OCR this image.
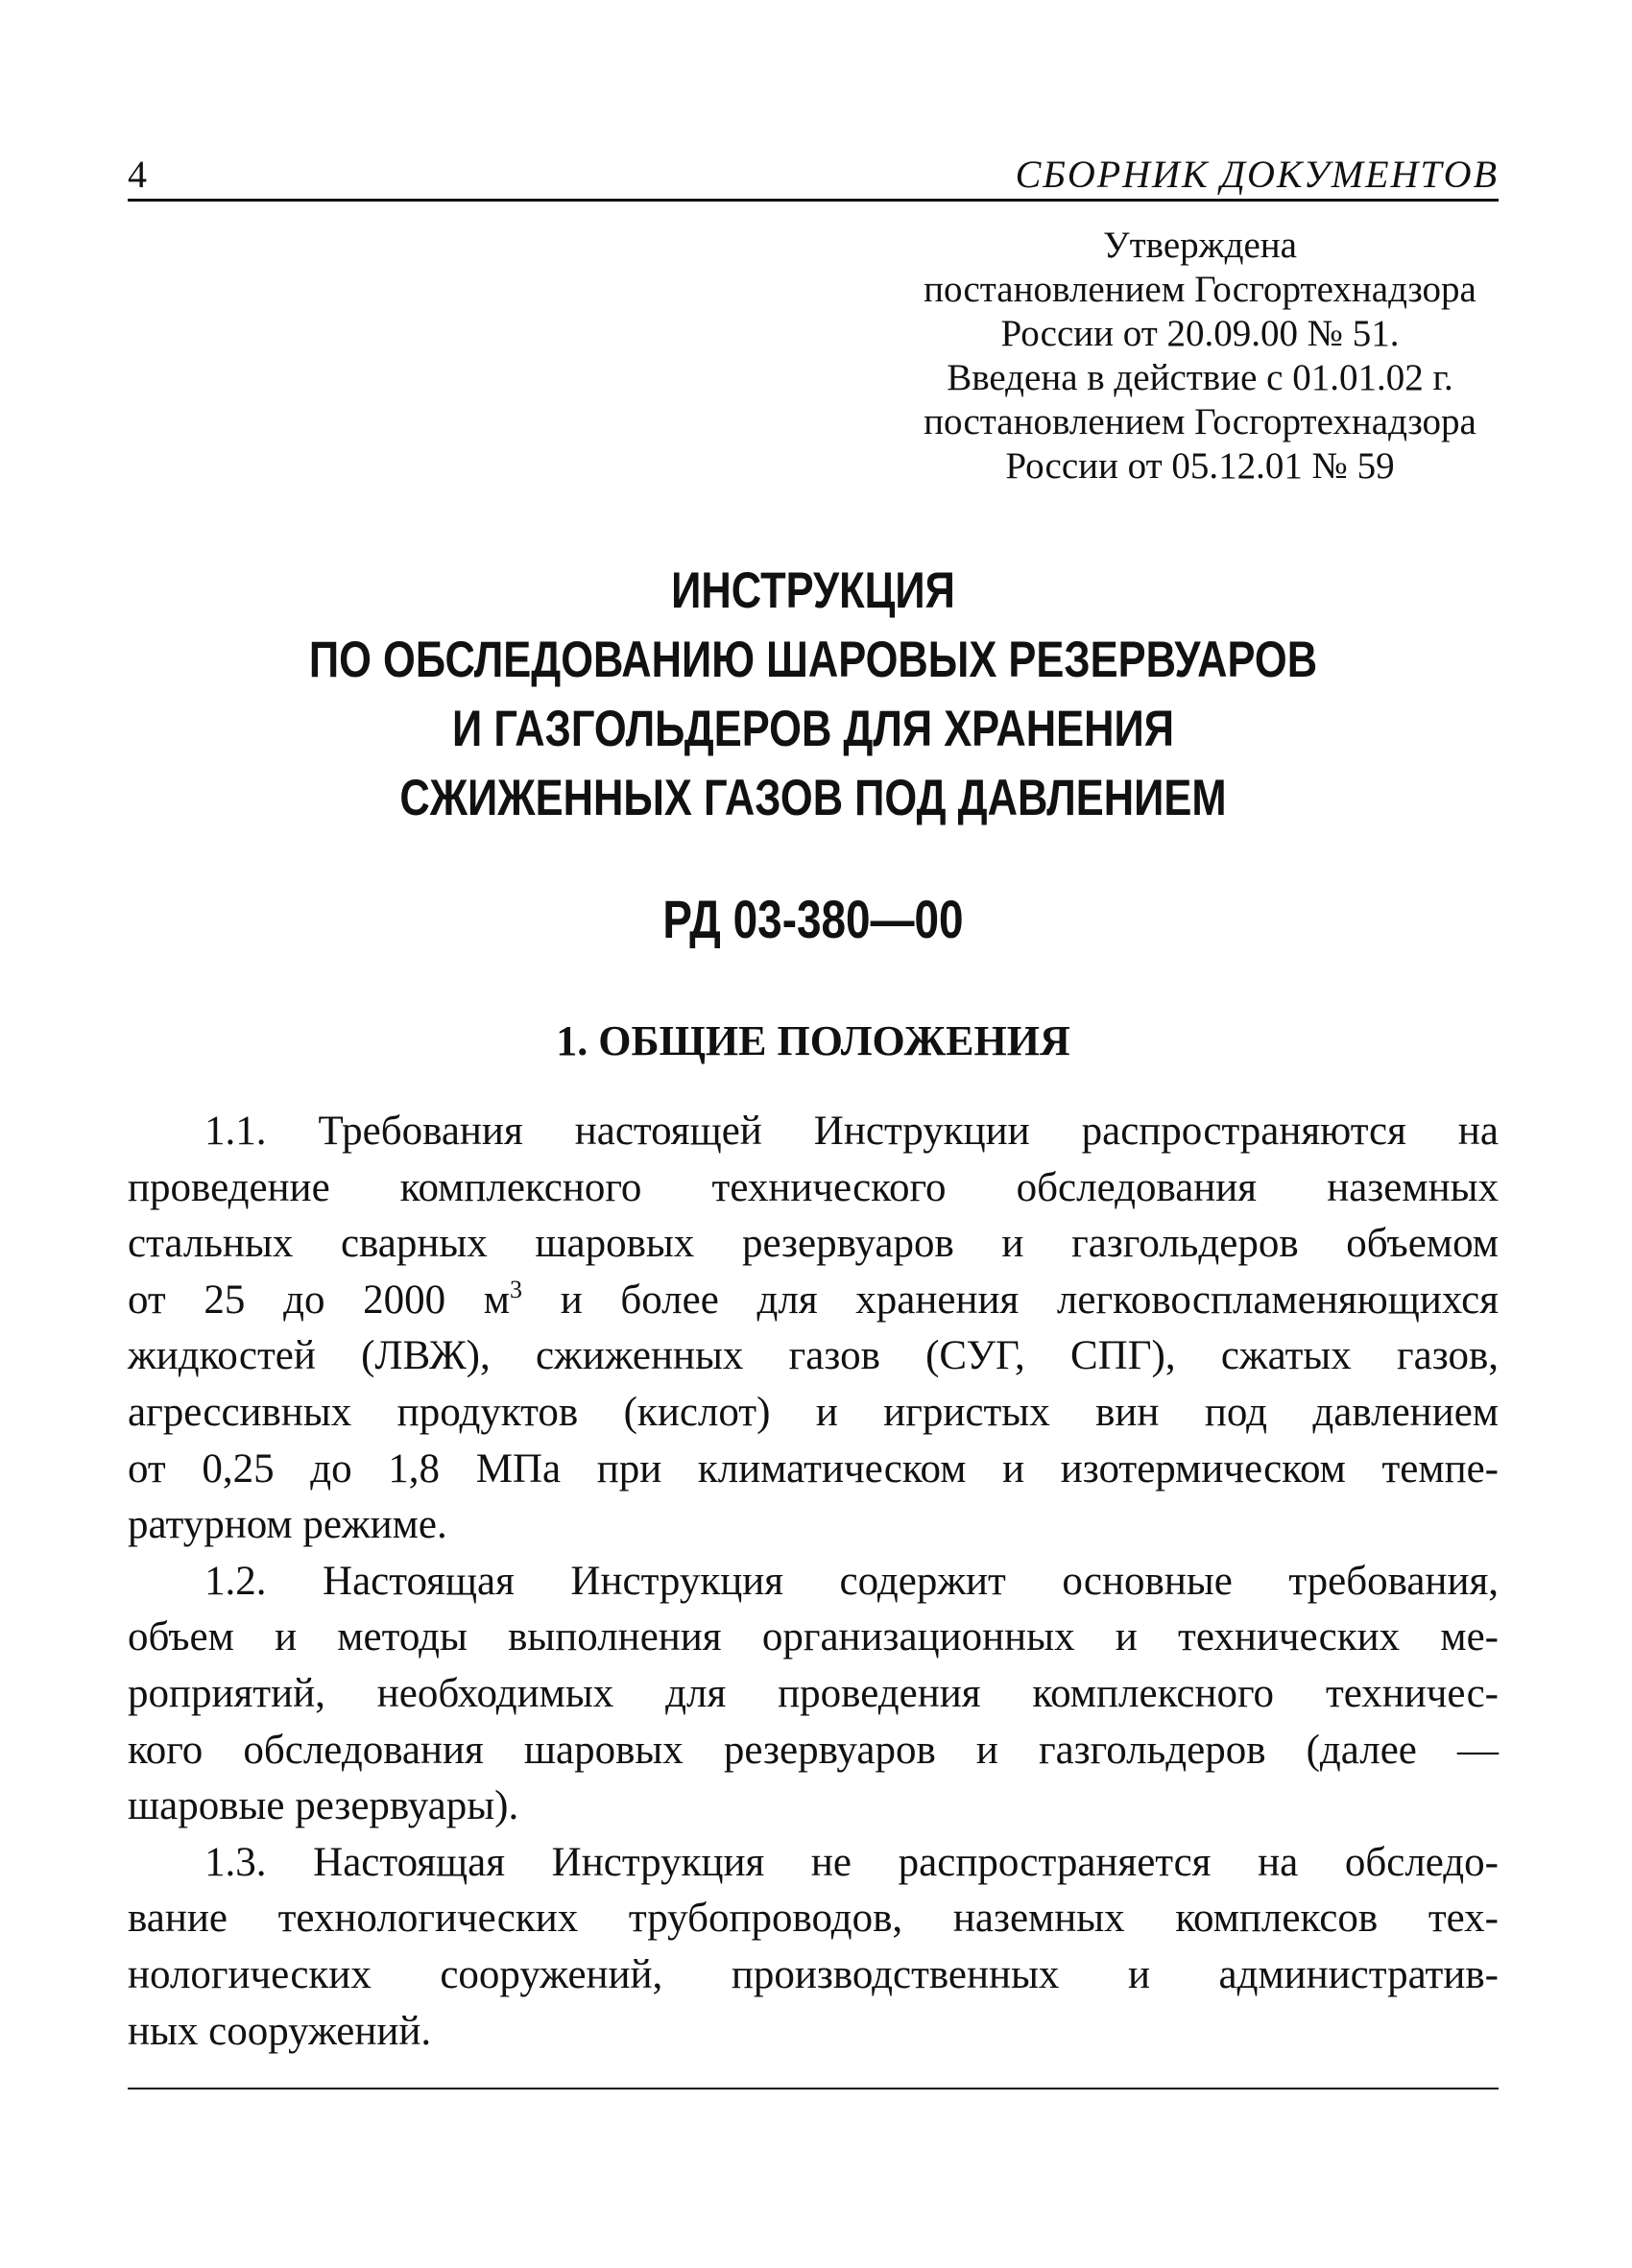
4	СБОРНИК ДОКУМЕНТОВ
Утверждена
постановлением Госгортехнадзора
России от 20.09.00 № 51.
Введена в действие с 01.01.02 г.
постановлением Госгортехнадзора
России от 05.12.01 № 59
ИНСТРУКЦИЯ
ПО ОБСЛЕДОВАНИЮ ШАРОВЫХ РЕЗЕРВУАРОВ
И ГАЗГОЛЬДЕРОВ ДЛЯ ХРАНЕНИЯ
СЖИЖЕННЫХ ГАЗОВ ПОД ДАВЛЕНИЕМ
РД 03-380—00
1. ОБЩИЕ ПОЛОЖЕНИЯ
1.1. Требования настоящей Инструкции распространяются на
проведение комплексного технического обследования наземных
стальных сварных шаровых резервуаров и газгольдеров объемом
от 25 до 2000 $м^3$ и более для хранения легковоспламеняющихся
жидкостей (ЛВЖ), сжиженных газов (СУГ, СПГ), сжатых газов,
агрессивных продуктов (кислот) и игристых вин под давлением
от 0,25 до 1,8 МПа при климатическом и изотермическом темпе-
ратурном режиме.
1.2. Настоящая Инструкция содержит основные требования,
объем и методы выполнения организационных и технических ме-
роприятий, необходимых для проведения комплексного техничес-
кого обследования шаровых резервуаров и газгольдеров (далее —
шаровые резервуары).
1.3. Настоящая Инструкция не распространяется на обследо-
вание технологических трубопроводов, наземных комплексов тех-
нологических сооружений, производственных и административ-
ных сооружений.
